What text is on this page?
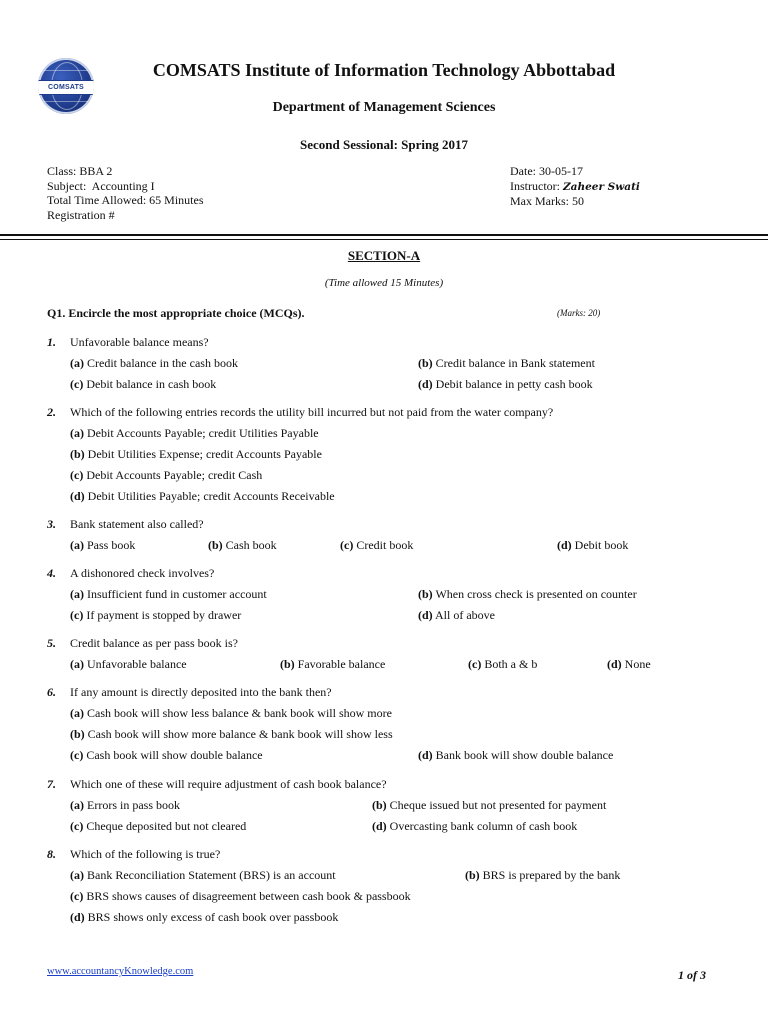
COMSATS
COMSATS Institute of Information Technology Abbottabad
Department of Management Sciences
Second Sessional: Spring 2017
Class: BBA 2
Subject:  Accounting I
Total Time Allowed: 65 Minutes
Registration #
Date: 30-05-17
Instructor: Zaheer Swati
Max Marks: 50
SECTION-A
(Time allowed 15 Minutes)
Q1. Encircle the most appropriate choice (MCQs).	(Marks: 20)
1. Unfavorable balance means?
(a) Credit balance in the cash book	(b) Credit balance in Bank statement
(c) Debit balance in cash book	(d) Debit balance in petty cash book
2. Which of the following entries records the utility bill incurred but not paid from the water company?
(a) Debit Accounts Payable; credit Utilities Payable
(b) Debit Utilities Expense; credit Accounts Payable
(c) Debit Accounts Payable; credit Cash
(d) Debit Utilities Payable; credit Accounts Receivable
3. Bank statement also called?
(a) Pass book	(b) Cash book	(c) Credit book	(d) Debit book
4. A dishonored check involves?
(a) Insufficient fund in customer account	(b) When cross check is presented on counter
(c) If payment is stopped by drawer	(d) All of above
5. Credit balance as per pass book is?
(a) Unfavorable balance	(b) Favorable balance	(c) Both a & b	(d) None
6. If any amount is directly deposited into the bank then?
(a) Cash book will show less balance & bank book will show more
(b) Cash book will show more balance & bank book will show less
(c) Cash book will show double balance	(d) Bank book will show double balance
7. Which one of these will require adjustment of cash book balance?
(a) Errors in pass book	(b) Cheque issued but not presented for payment
(c) Cheque deposited but not cleared	(d) Overcasting bank column of cash book
8. Which of the following is true?
(a) Bank Reconciliation Statement (BRS) is an account	(b) BRS is prepared by the bank
(c) BRS shows causes of disagreement between cash book & passbook
(d) BRS shows only excess of cash book over passbook
www.accountancyKnowledge.com	1 of 3
